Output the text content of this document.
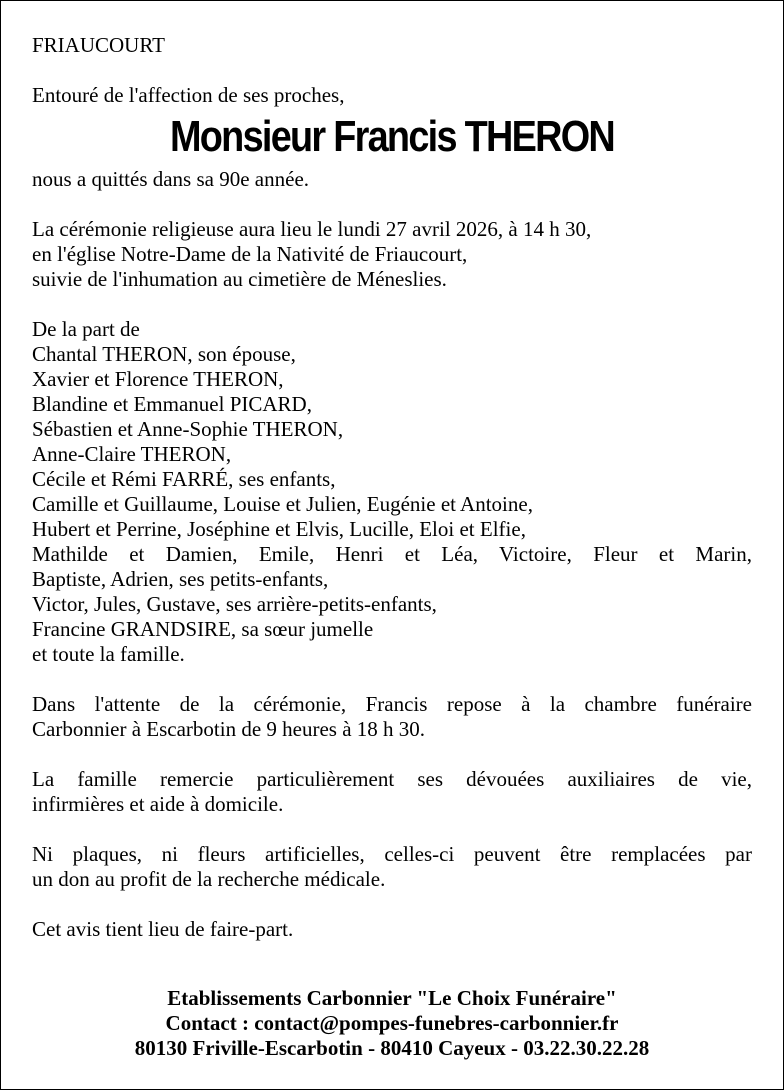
FRIAUCOURT
Entouré de l'affection de ses proches,
Monsieur Francis THERON
nous a quittés dans sa 90e année.
La cérémonie religieuse aura lieu le lundi 27 avril 2026, à 14 h 30,
en l'église Notre-Dame de la Nativité de Friaucourt,
suivie de l'inhumation au cimetière de Méneslies.
De la part de
Chantal THERON, son épouse,
Xavier et Florence THERON,
Blandine et Emmanuel PICARD,
Sébastien et Anne-Sophie THERON,
Anne-Claire THERON,
Cécile et Rémi FARRÉ, ses enfants,
Camille et Guillaume, Louise et Julien, Eugénie et Antoine,
Hubert et Perrine, Joséphine et Elvis, Lucille, Eloi et Elfie,
Mathilde et Damien, Emile, Henri et Léa, Victoire, Fleur et Marin,
Baptiste, Adrien, ses petits-enfants,
Victor, Jules, Gustave, ses arrière-petits-enfants,
Francine GRANDSIRE, sa sœur jumelle
et toute la famille.
Dans l'attente de la cérémonie, Francis repose à la chambre funéraire
Carbonnier à Escarbotin de 9 heures à 18 h 30.
La famille remercie particulièrement ses dévouées auxiliaires de vie,
infirmières et aide à domicile.
Ni plaques, ni fleurs artificielles, celles-ci peuvent être remplacées par
un don au profit de la recherche médicale.
Cet avis tient lieu de faire-part.
Etablissements Carbonnier "Le Choix Funéraire"
Contact : contact@pompes-funebres-carbonnier.fr
80130 Friville-Escarbotin - 80410 Cayeux - 03.22.30.22.28
